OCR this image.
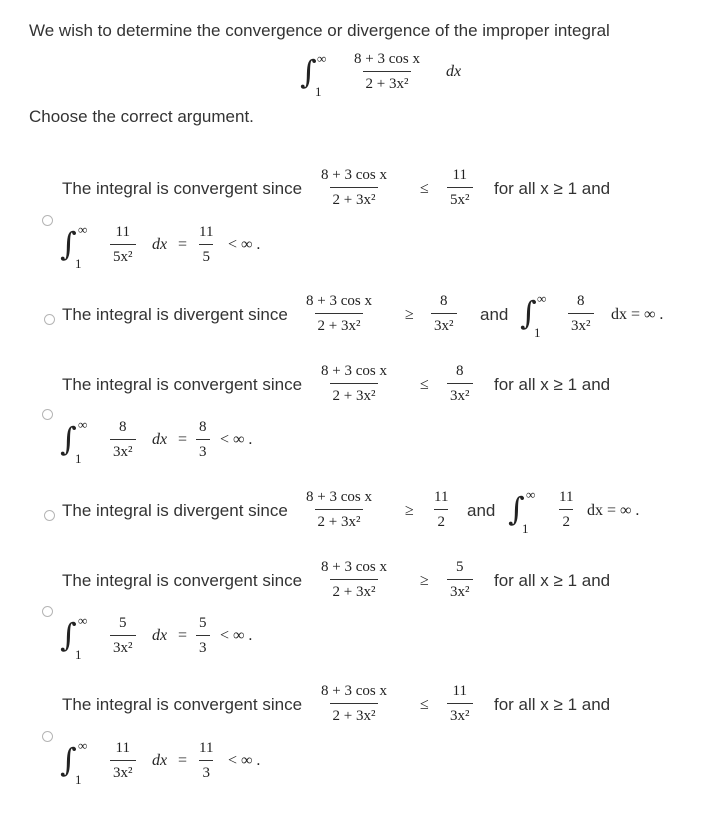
We wish to determine the convergence or divergence of the improper integral
∫ ∞
$1 \frac{\text{8 + 3 cos x}}{\text{2 + 3x²}}$ dx
Choose the correct argument.
The integral is convergent since $\frac{\text{8 + 3 cos x}}{\text{2 + 3x²}} \le \frac{11}{\text{5x²}}$ for all x ≥ 1 and
∫ ∞
$1 \frac{11}{\text{5x²}}$ dx = $\frac{11}{5}$ < ∞ .
The integral is divergent since $\frac{\text{8 + 3 cos x}}{\text{2 + 3x²}} \ge \frac{8}{\text{3x²}}$ and ∫ ∞
$1 \frac{8}{\text{3x²}}$ dx = ∞ .
The integral is convergent since $\frac{\text{8 + 3 cos x}}{\text{2 + 3x²}} \le \frac{8}{\text{3x²}}$ for all x ≥ 1 and
∫ ∞
$1 \frac{8}{\text{3x²}}$ dx = $\frac{8}{3}$ < ∞ .
The integral is divergent since $\frac{\text{8 + 3 cos x}}{\text{2 + 3x²}} \ge \frac{11}{2}$ and ∫ ∞
$1 \frac{11}{2}$ dx = ∞ .
The integral is convergent since $\frac{\text{8 + 3 cos x}}{\text{2 + 3x²}} \ge \frac{5}{\text{3x²}}$ for all x ≥ 1 and
∫ ∞
$1 \frac{5}{\text{3x²}}$ dx = $\frac{5}{3}$ < ∞ .
The integral is convergent since $\frac{\text{8 + 3 cos x}}{\text{2 + 3x²}} \le \frac{11}{\text{3x²}}$ for all x ≥ 1 and
∫ ∞
$1 \frac{11}{\text{3x²}}$ dx = $\frac{11}{3}$ < ∞ .
